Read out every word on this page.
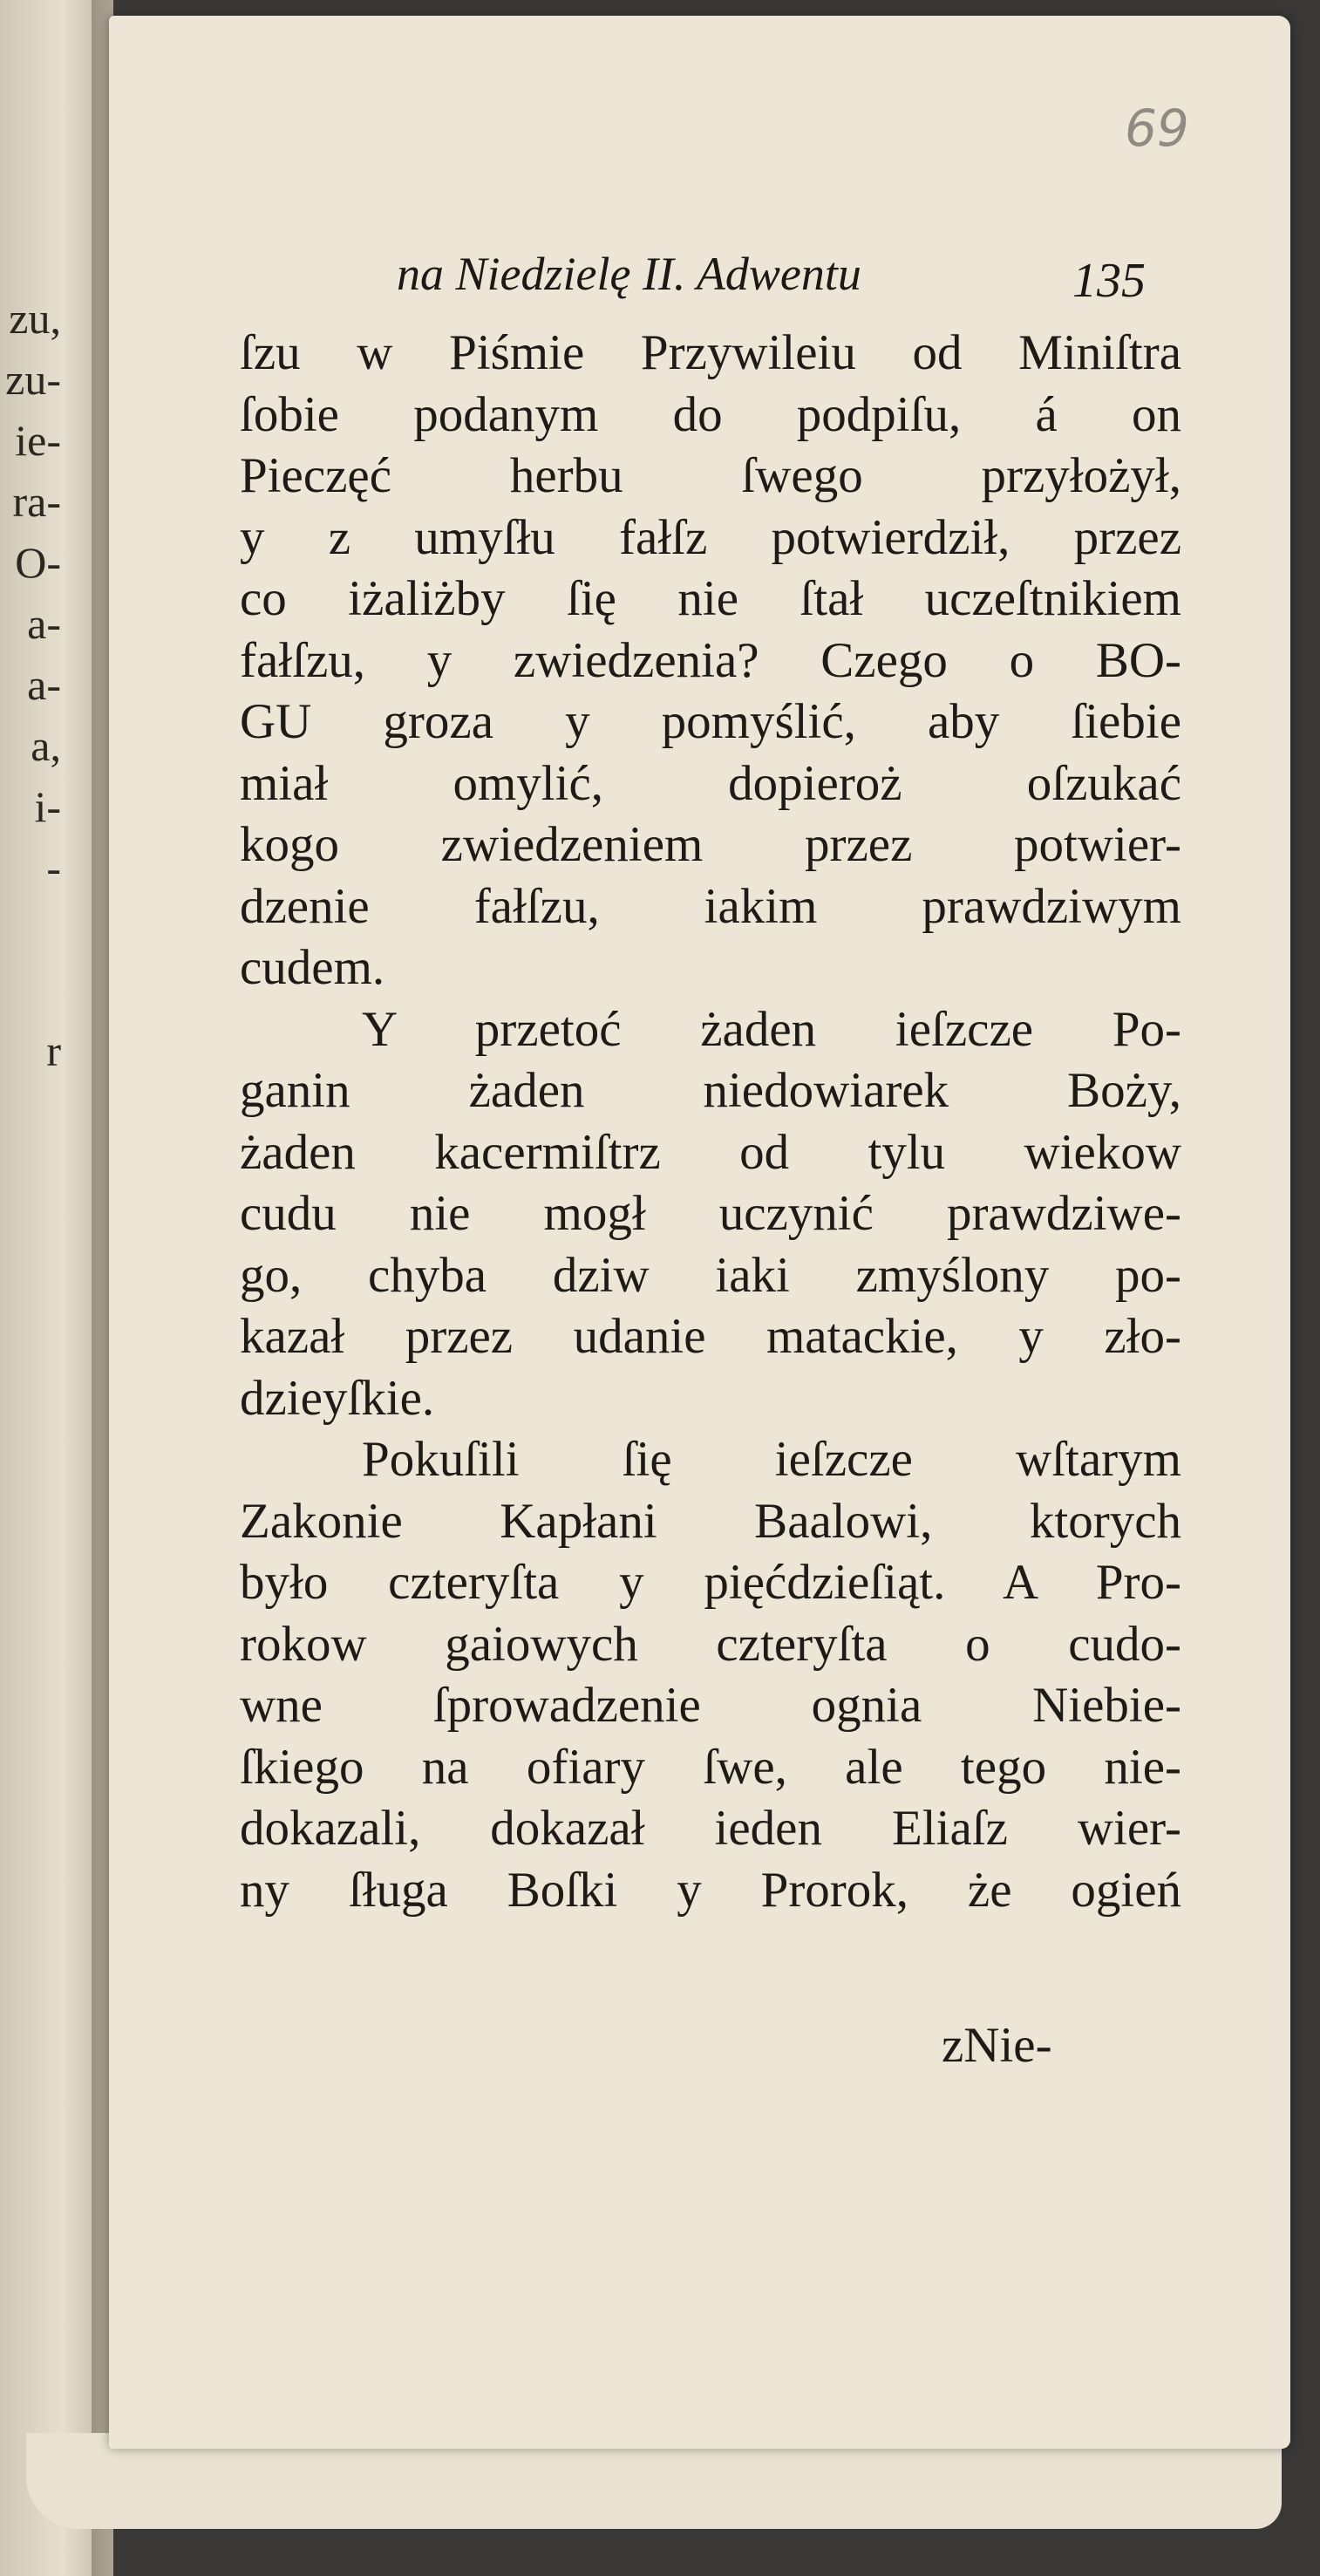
zu,
zu-
ie-
ra-
O-
a-
a-
a,
i-
-
r
69
na Niedzielę II. Adwentu	135
ſzu w Piśmie Przywileiu od Miniſtra
ſobie podanym do podpiſu, á on
Pieczęć herbu ſwego przyłożył,
y z umyſłu fałſz potwierdził, przez
co iżaliżby ſię nie ſtał uczeſtnikiem
fałſzu, y zwiedzenia? Czego o BO-
GU groza y pomyślić, aby ſiebie
miał omylić, dopieroż oſzukać
kogo zwiedzeniem przez potwier-
dzenie fałſzu, iakim prawdziwym
cudem.
Y przetoć żaden ieſzcze Po-
ganin żaden niedowiarek Boży,
żaden kacermiſtrz od tylu wiekow
cudu nie mogł uczynić prawdziwe-
go, chyba dziw iaki zmyślony po-
kazał przez udanie matackie, y zło-
dzieyſkie.
Pokuſili ſię ieſzcze wſtarym
Zakonie Kapłani Baalowi, ktorych
było czteryſta y pięćdzieſiąt. A Pro-
rokow gaiowych czteryſta o cudo-
wne ſprowadzenie ognia Niebie-
ſkiego na ofiary ſwe, ale tego nie-
dokazali, dokazał ieden Eliaſz wier-
ny ſługa Boſki y Prorok, że ogień
zNie-
